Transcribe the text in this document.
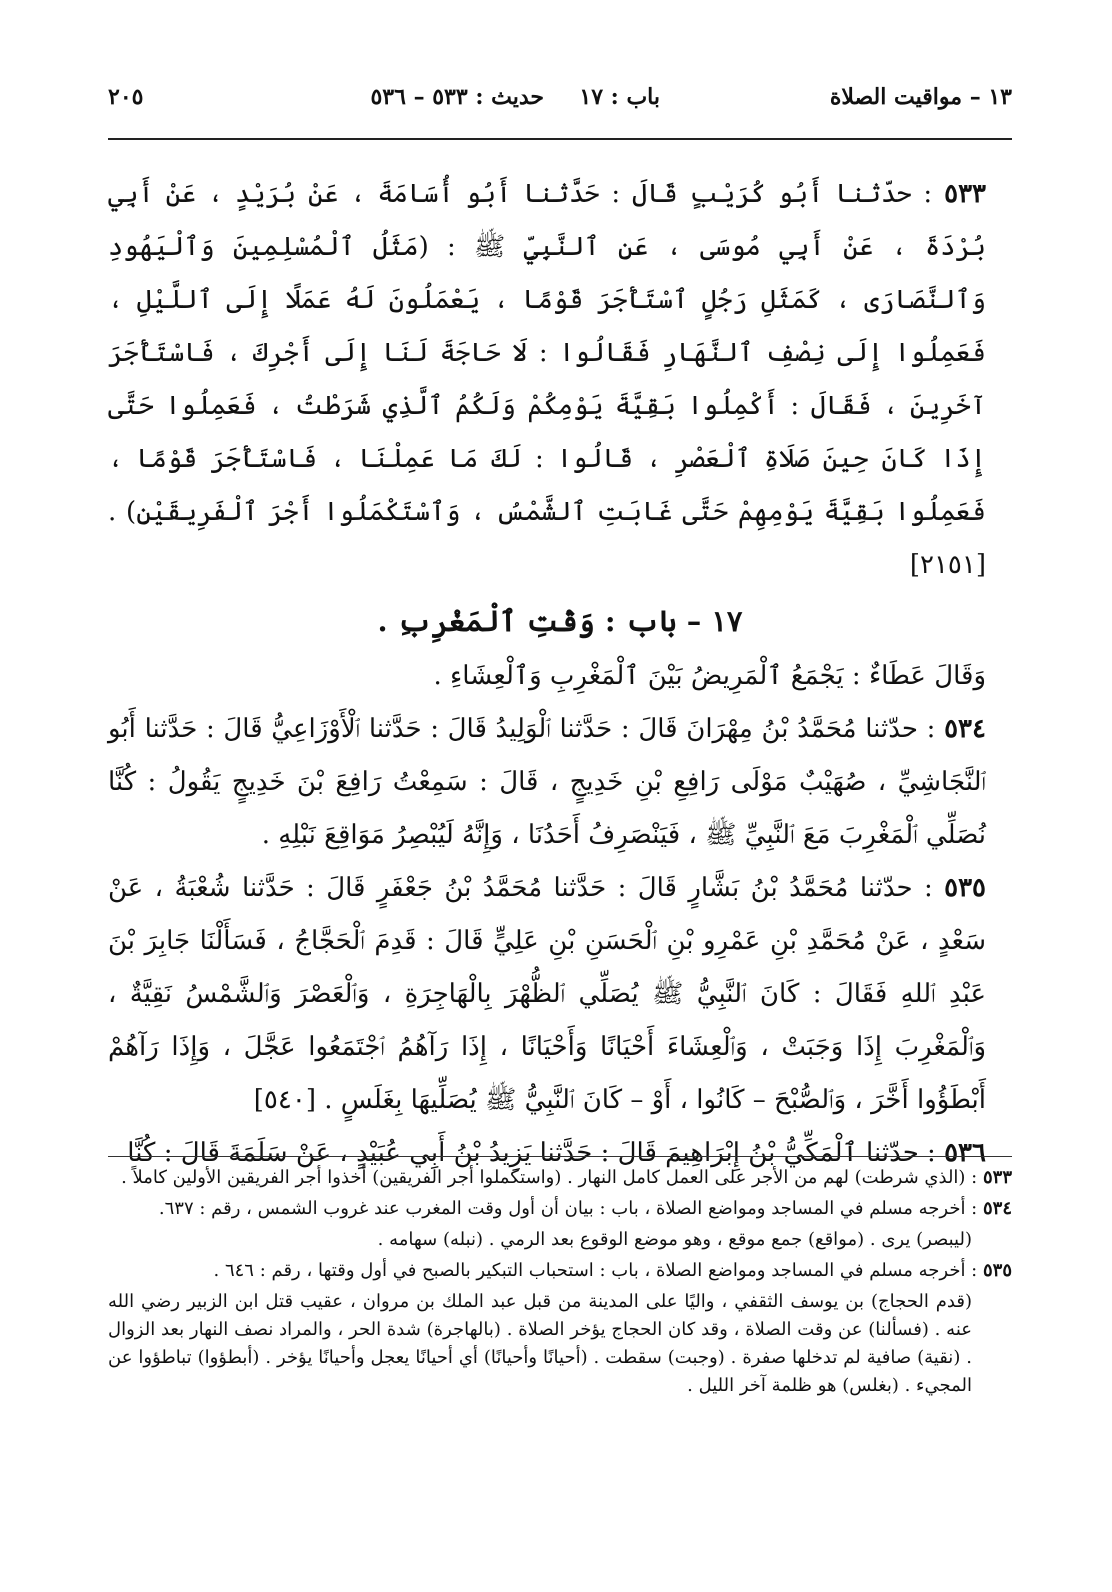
١٣ – مواقيت الصلاة
باب : ١٧
حديث : ٥٣٣ – ٥٣٦
٢٠٥

٥٣٣ : حدّثنا أَبُو كُرَيْبٍ قَالَ : حَدَّثنا أَبُو أُسَامَةَ ، عَنْ بُرَيْدٍ ، عَنْ أَبِي بُرْدَةَ ، عَنْ أَبِي مُوسَى ، عَنِ ٱلنَّبِيِّ ﷺ : (مَثَلُ ٱلْمُسْلِمِينَ وَٱلْيَهُودِ وَٱلنَّصَارَى ، كَمَثَلِ رَجُلٍ ٱسْتَأْجَرَ قَوْمًا ، يَعْمَلُونَ لَهُ عَمَلًا إِلَى ٱللَّيْلِ ، فَعَمِلُوا إِلَى نِصْفِ ٱلنَّهَارِ فَقَالُوا : لَا حَاجَةَ لَنَا إِلَى أَجْرِكَ ، فَاسْتَأْجَرَ آخَرِينَ ، فَقَالَ : أَكْمِلُوا بَقِيَّةَ يَوْمِكُمْ وَلَكُمُ ٱلَّذِي شَرَطْتُ ، فَعَمِلُوا حَتَّى إِذَا كَانَ حِينَ صَلَاةِ ٱلْعَصْرِ ، قَالُوا : لَكَ مَا عَمِلْنَا ، فَاسْتَأْجَرَ قَوْمًا ، فَعَمِلُوا بَقِيَّةَ يَوْمِهِمْ حَتَّى غَابَتِ ٱلشَّمْسُ ، وَٱسْتَكْمَلُوا أَجْرَ ٱلْفَرِيقَيْنِ) . [٢١٥١]

١٧ – باب : وَقْتِ ٱلْمَغْرِبِ .

وَقَالَ عَطَاءٌ : يَجْمَعُ ٱلْمَرِيضُ بَيْنَ ٱلْمَغْرِبِ وَٱلْعِشَاءِ .

٥٣٤ : حدّثنا مُحَمَّدُ بْنُ مِهْرَانَ قَالَ : حَدَّثنا ٱلْوَلِيدُ قَالَ : حَدَّثنا ٱلْأَوْزَاعِيُّ قَالَ : حَدَّثنا أَبُو ٱلنَّجَاشِيِّ ، صُهَيْبٌ مَوْلَى رَافِعِ بْنِ خَدِيجٍ ، قَالَ : سَمِعْتُ رَافِعَ بْنَ خَدِيجٍ يَقُولُ : كُنَّا نُصَلِّي ٱلْمَغْرِبَ مَعَ ٱلنَّبِيِّ ﷺ ، فَيَنْصَرِفُ أَحَدُنَا ، وَإِنَّهُ لَيُبْصِرُ مَوَاقِعَ نَبْلِهِ .

٥٣٥ : حدّثنا مُحَمَّدُ بْنُ بَشَّارٍ قَالَ : حَدَّثنا مُحَمَّدُ بْنُ جَعْفَرٍ قَالَ : حَدَّثنا شُعْبَةُ ، عَنْ سَعْدٍ ، عَنْ مُحَمَّدِ بْنِ عَمْرِو بْنِ ٱلْحَسَنِ بْنِ عَلِيٍّ قَالَ : قَدِمَ ٱلْحَجَّاجُ ، فَسَأَلْنَا جَابِرَ بْنَ عَبْدِ ٱللهِ فَقَالَ : كَانَ ٱلنَّبِيُّ ﷺ يُصَلِّي ٱلظُّهْرَ بِالْهَاجِرَةِ ، وَٱلْعَصْرَ وَٱلشَّمْسُ نَقِيَّةٌ ، وَٱلْمَغْرِبَ إِذَا وَجَبَتْ ، وَٱلْعِشَاءَ أَحْيَانًا وَأَحْيَانًا ، إِذَا رَآهُمُ ٱجْتَمَعُوا عَجَّلَ ، وَإِذَا رَآهُمْ أَبْطَؤُوا أَخَّرَ ، وَٱلصُّبْحَ – كَانُوا ، أَوْ – كَانَ ٱلنَّبِيُّ ﷺ يُصَلِّيهَا بِغَلَسٍ . [٥٤٠]

٥٣٦ : حدّثنا ٱلْمَكِّيُّ بْنُ إِبْرَاهِيمَ قَالَ : حَدَّثنا يَزِيدُ بْنُ أَبِي عُبَيْدٍ ، عَنْ سَلَمَةَ قَالَ : كُنَّا

٥٣٣ : (الذي شرطت) لهم من الأجر على العمل كامل النهار . (واستكملوا أجر الفريقين) أخذوا أجر الفريقين الأولين كاملاً .

٥٣٤ : أخرجه مسلم في المساجد ومواضع الصلاة ، باب : بيان أن أول وقت المغرب عند غروب الشمس ، رقم : ٦٣٧.

(ليبصر) يرى . (مواقع) جمع موقع ، وهو موضع الوقوع بعد الرمي . (نبله) سهامه .

٥٣٥ : أخرجه مسلم في المساجد ومواضع الصلاة ، باب : استحباب التبكير بالصبح في أول وقتها ، رقم : ٦٤٦ .

(قدم الحجاج) بن يوسف الثقفي ، واليًا على المدينة من قبل عبد الملك بن مروان ، عقيب قتل ابن الزبير رضي الله عنه . (فسألنا) عن وقت الصلاة ، وقد كان الحجاج يؤخر الصلاة . (بالهاجرة) شدة الحر ، والمراد نصف النهار بعد الزوال . (نقية) صافية لم تدخلها صفرة . (وجبت) سقطت . (أحيانًا وأحيانًا) أي أحيانًا يعجل وأحيانًا يؤخر . (أبطؤوا) تباطؤوا عن المجيء . (بغلس) هو ظلمة آخر الليل .
